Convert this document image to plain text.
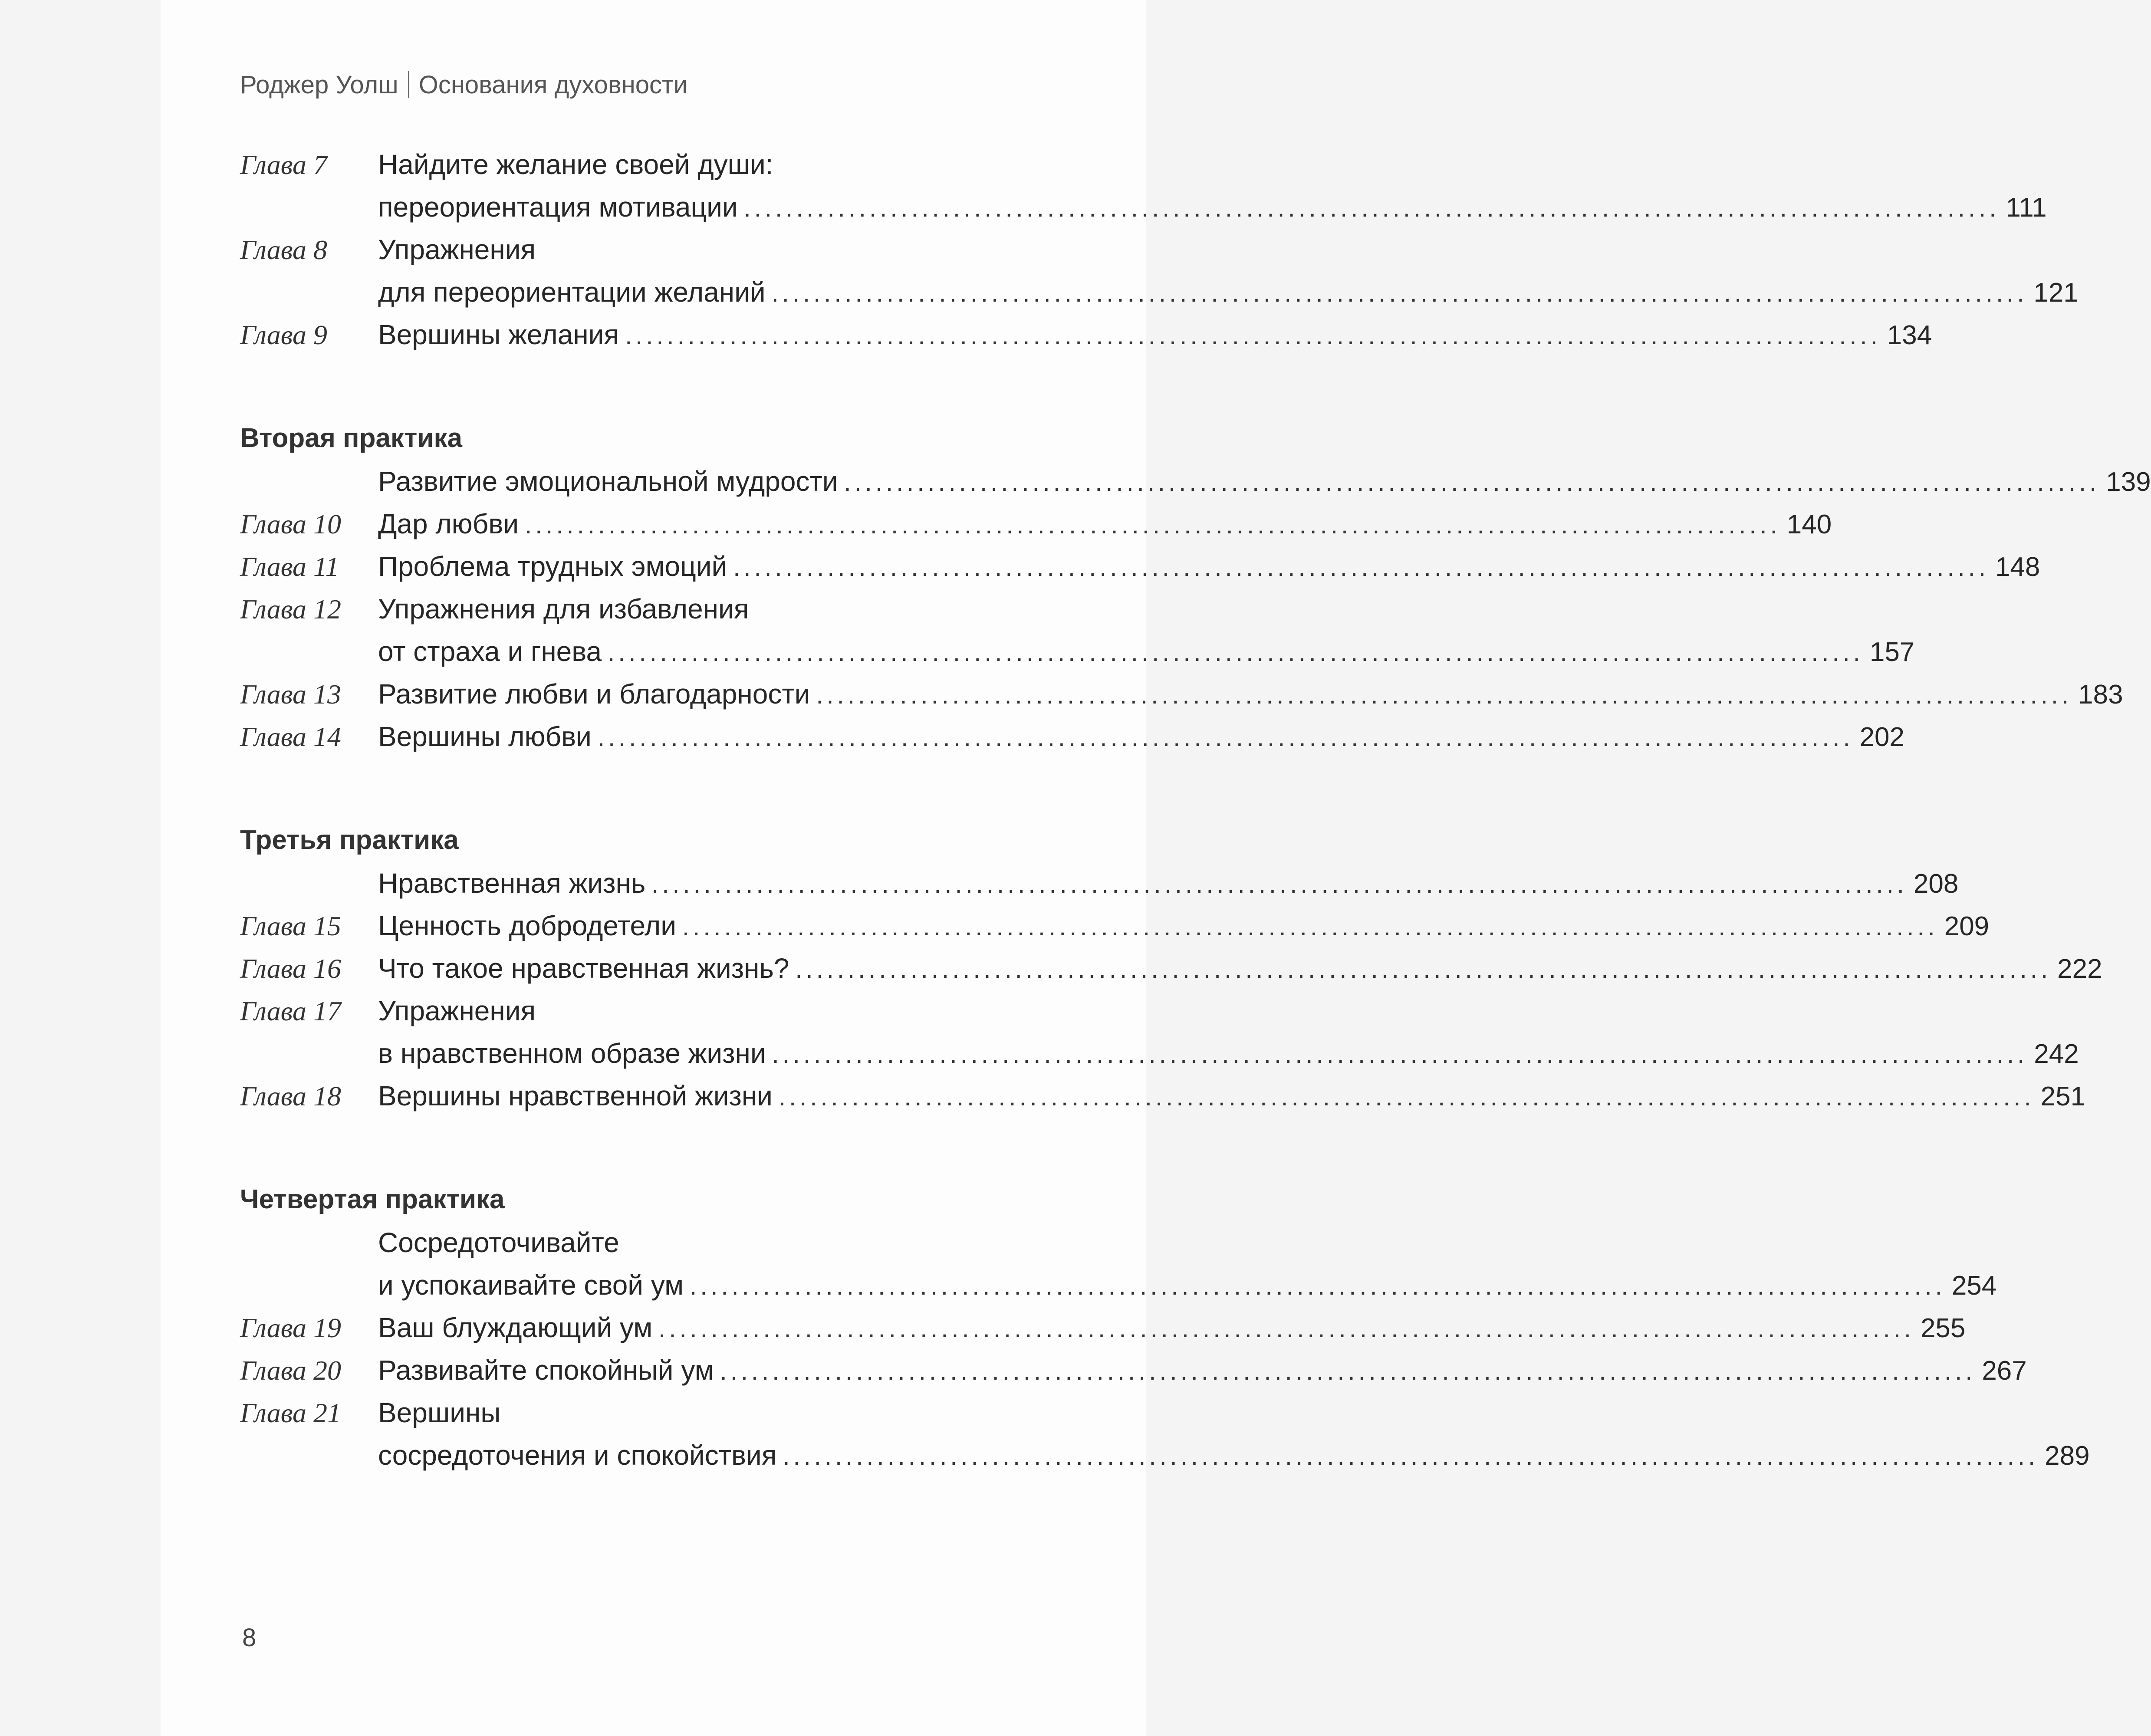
Роджер Уолш Основания духовности
Глава 7	Найдите желание своей души:
переориентация мотивации ........................................................................................................................ 111
Глава 8	Упражнения
для переориентации желаний ........................................................................................................................ 121
Глава 9	Вершины желания ........................................................................................................................ 134
Вторая практика
Развитие эмоциональной мудрости ........................................................................................................................ 139
Глава 10	Дар любви ........................................................................................................................ 140
Глава 11	Проблема трудных эмоций ........................................................................................................................ 148
Глава 12	Упражнения для избавления
от страха и гнева ........................................................................................................................ 157
Глава 13	Развитие любви и благодарности ........................................................................................................................ 183
Глава 14	Вершины любви ........................................................................................................................ 202
Третья практика
Нравственная жизнь ........................................................................................................................ 208
Глава 15	Ценность добродетели ........................................................................................................................ 209
Глава 16	Что такое нравственная жизнь? ........................................................................................................................ 222
Глава 17	Упражнения
в нравственном образе жизни ........................................................................................................................ 242
Глава 18	Вершины нравственной жизни ........................................................................................................................ 251
Четвертая практика
Сосредоточивайте
и успокаивайте свой ум ........................................................................................................................ 254
Глава 19	Ваш блуждающий ум ........................................................................................................................ 255
Глава 20	Развивайте спокойный ум ........................................................................................................................ 267
Глава 21	Вершины
сосредоточения и спокойствия ........................................................................................................................ 289
8
